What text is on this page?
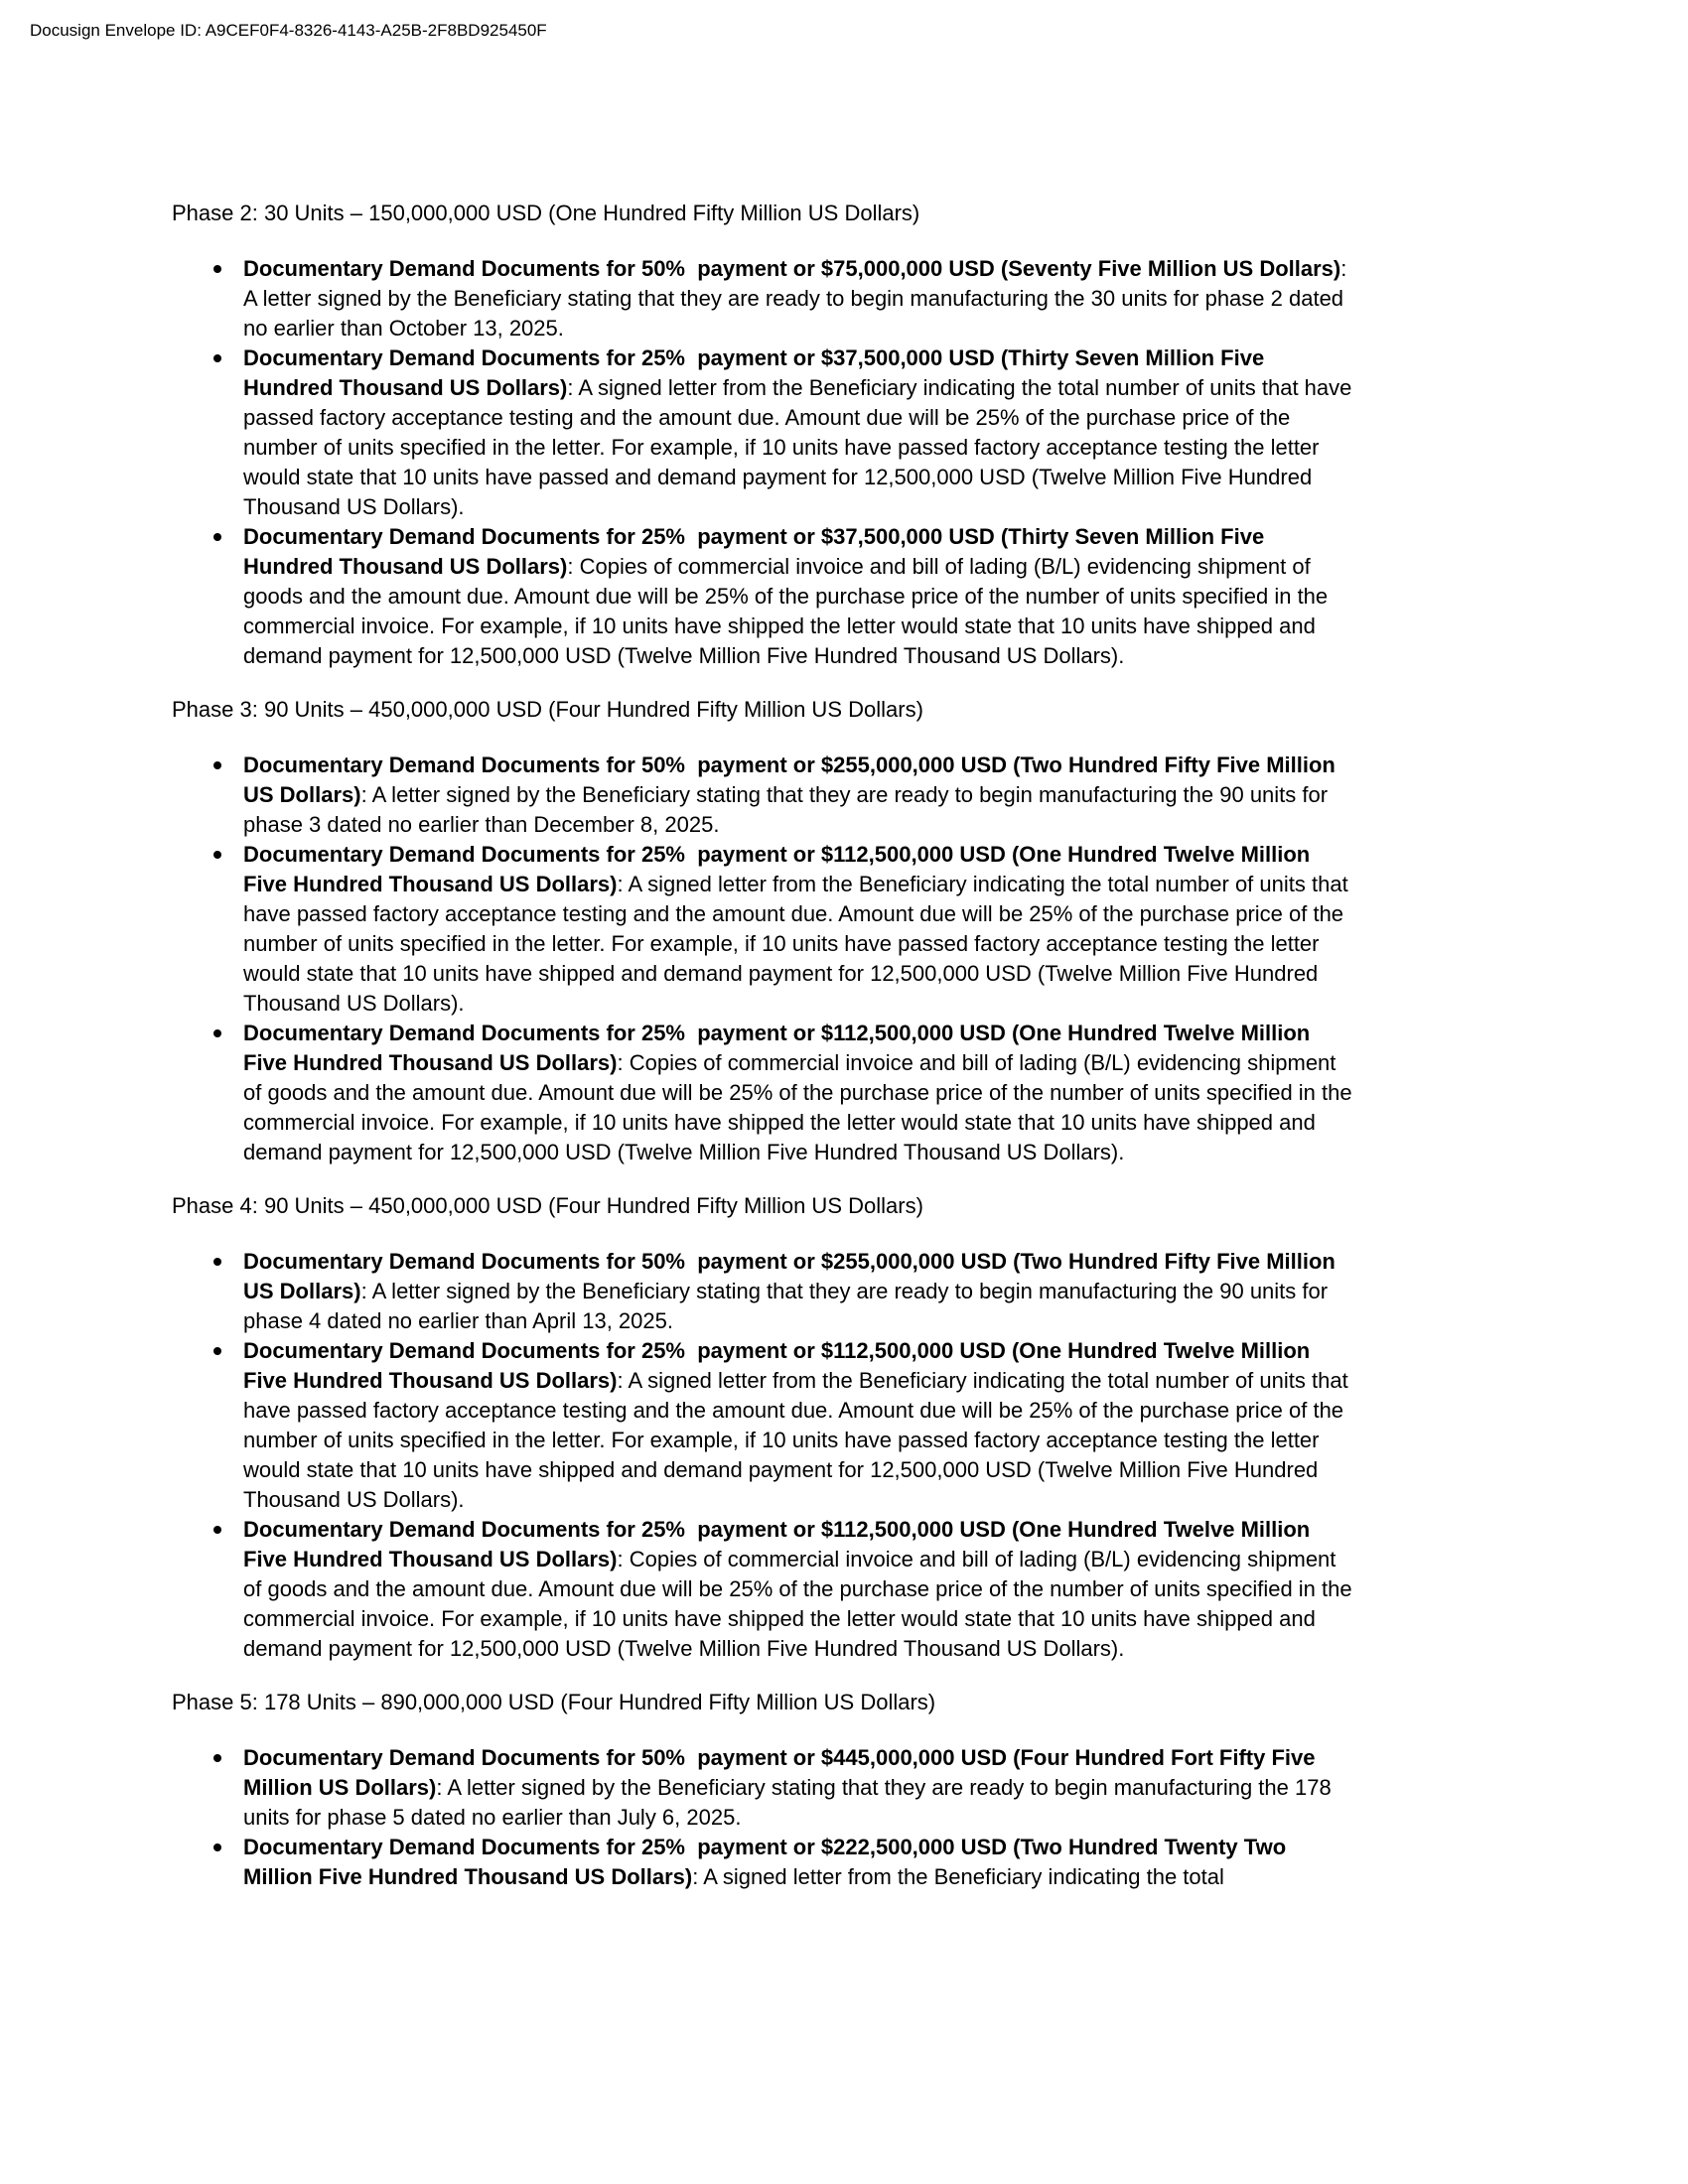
Docusign Envelope ID: A9CEF0F4-8326-4143-A25B-2F8BD925450F

Phase 2: 30 Units – 150,000,000 USD (One Hundred Fifty Million US Dollars)

Documentary Demand Documents for 50%  payment or $75,000,000 USD (Seventy Five Million US Dollars): A letter signed by the Beneficiary stating that they are ready to begin manufacturing the 30 units for phase 2 dated no earlier than October 13, 2025.
Documentary Demand Documents for 25%  payment or $37,500,000 USD (Thirty Seven Million Five Hundred Thousand US Dollars): A signed letter from the Beneficiary indicating the total number of units that have passed factory acceptance testing and the amount due. Amount due will be 25% of the purchase price of the number of units specified in the letter. For example, if 10 units have passed factory acceptance testing the letter would state that 10 units have passed and demand payment for 12,500,000 USD (Twelve Million Five Hundred Thousand US Dollars).
Documentary Demand Documents for 25%  payment or $37,500,000 USD (Thirty Seven Million Five Hundred Thousand US Dollars): Copies of commercial invoice and bill of lading (B/L) evidencing shipment of goods and the amount due. Amount due will be 25% of the purchase price of the number of units specified in the commercial invoice. For example, if 10 units have shipped the letter would state that 10 units have shipped and demand payment for 12,500,000 USD (Twelve Million Five Hundred Thousand US Dollars).

Phase 3: 90 Units – 450,000,000 USD (Four Hundred Fifty Million US Dollars)

Documentary Demand Documents for 50%  payment or $255,000,000 USD (Two Hundred Fifty Five Million US Dollars): A letter signed by the Beneficiary stating that they are ready to begin manufacturing the 90 units for phase 3 dated no earlier than December 8, 2025.
Documentary Demand Documents for 25%  payment or $112,500,000 USD (One Hundred Twelve Million Five Hundred Thousand US Dollars): A signed letter from the Beneficiary indicating the total number of units that have passed factory acceptance testing and the amount due. Amount due will be 25% of the purchase price of the number of units specified in the letter. For example, if 10 units have passed factory acceptance testing the letter would state that 10 units have shipped and demand payment for 12,500,000 USD (Twelve Million Five Hundred Thousand US Dollars).
Documentary Demand Documents for 25%  payment or $112,500,000 USD (One Hundred Twelve Million Five Hundred Thousand US Dollars): Copies of commercial invoice and bill of lading (B/L) evidencing shipment of goods and the amount due. Amount due will be 25% of the purchase price of the number of units specified in the commercial invoice. For example, if 10 units have shipped the letter would state that 10 units have shipped and demand payment for 12,500,000 USD (Twelve Million Five Hundred Thousand US Dollars).

Phase 4: 90 Units – 450,000,000 USD (Four Hundred Fifty Million US Dollars)

Documentary Demand Documents for 50%  payment or $255,000,000 USD (Two Hundred Fifty Five Million US Dollars): A letter signed by the Beneficiary stating that they are ready to begin manufacturing the 90 units for phase 4 dated no earlier than April 13, 2025.
Documentary Demand Documents for 25%  payment or $112,500,000 USD (One Hundred Twelve Million Five Hundred Thousand US Dollars): A signed letter from the Beneficiary indicating the total number of units that have passed factory acceptance testing and the amount due. Amount due will be 25% of the purchase price of the number of units specified in the letter. For example, if 10 units have passed factory acceptance testing the letter would state that 10 units have shipped and demand payment for 12,500,000 USD (Twelve Million Five Hundred Thousand US Dollars).
Documentary Demand Documents for 25%  payment or $112,500,000 USD (One Hundred Twelve Million Five Hundred Thousand US Dollars): Copies of commercial invoice and bill of lading (B/L) evidencing shipment of goods and the amount due. Amount due will be 25% of the purchase price of the number of units specified in the commercial invoice. For example, if 10 units have shipped the letter would state that 10 units have shipped and demand payment for 12,500,000 USD (Twelve Million Five Hundred Thousand US Dollars).

Phase 5: 178 Units – 890,000,000 USD (Four Hundred Fifty Million US Dollars)

Documentary Demand Documents for 50%  payment or $445,000,000 USD (Four Hundred Fort Fifty Five Million US Dollars): A letter signed by the Beneficiary stating that they are ready to begin manufacturing the 178 units for phase 5 dated no earlier than July 6, 2025.
Documentary Demand Documents for 25%  payment or $222,500,000 USD (Two Hundred Twenty Two Million Five Hundred Thousand US Dollars): A signed letter from the Beneficiary indicating the total
